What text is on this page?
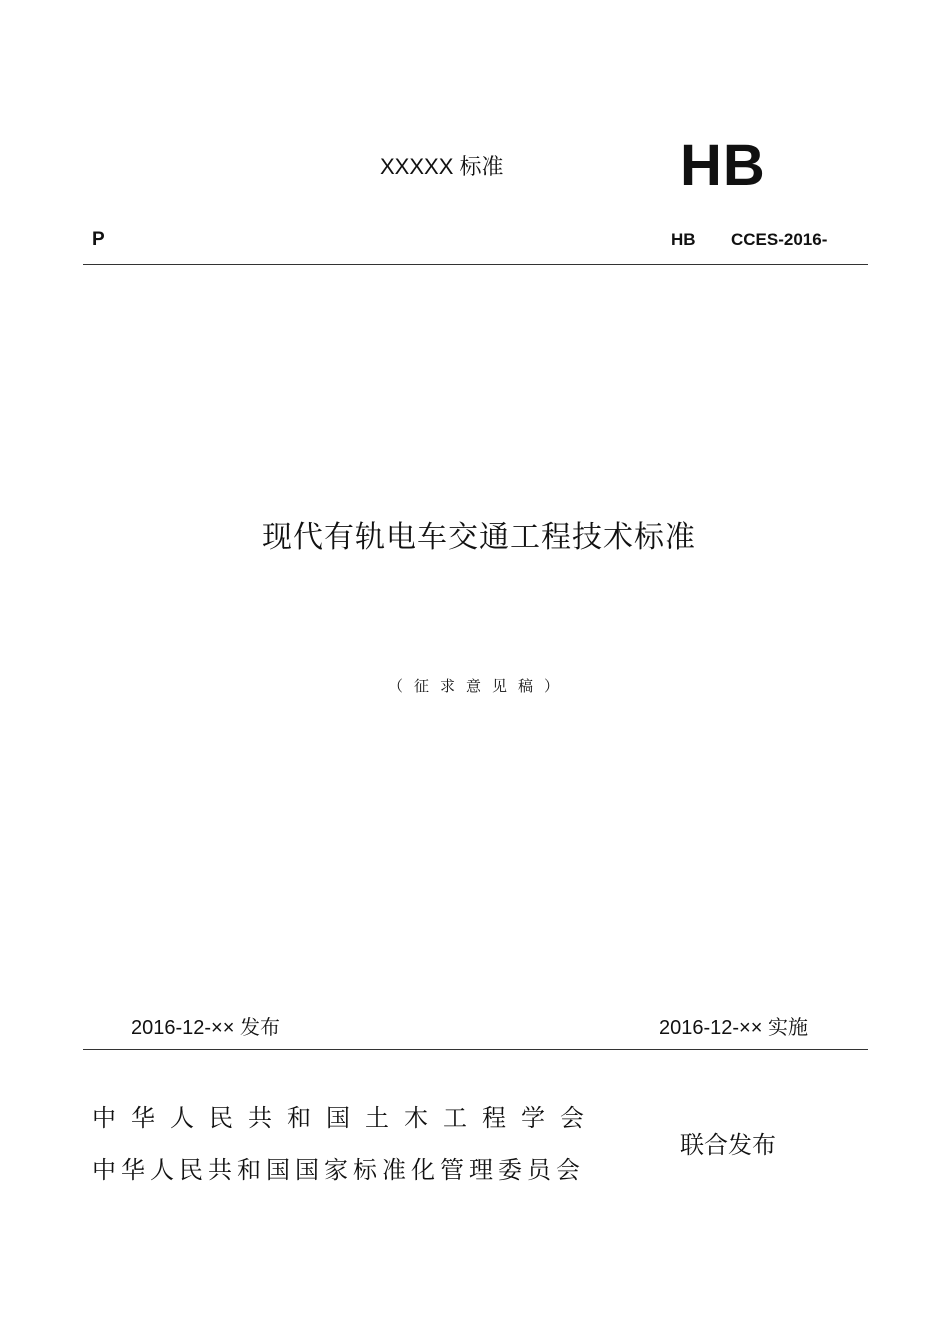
XXXXX 标准	HB
P	HB CCES-2016-
现代有轨电车交通工程技术标准
（征求意见稿）
2016-12-×× 发布	2016-12-×× 实施
中华人民共和国土木工程学会
中华人民共和国国家标准化管理委员会
联合发布
